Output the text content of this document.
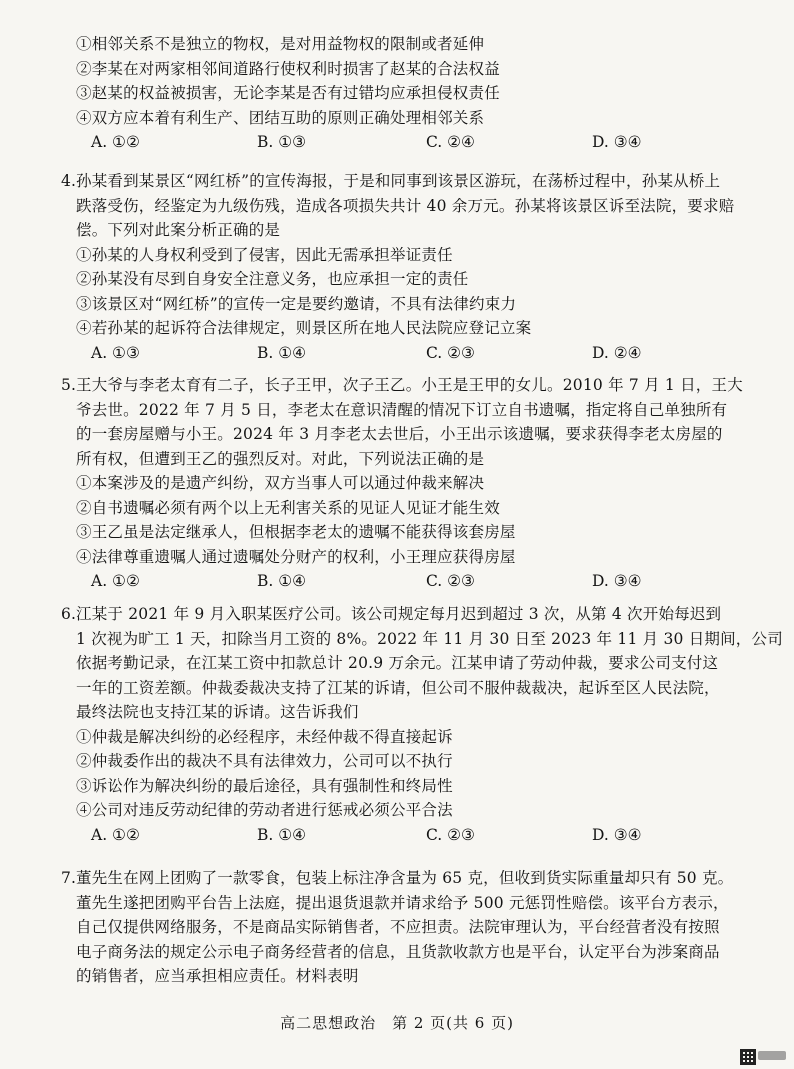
①相邻关系不是独立的物权，是对用益物权的限制或者延伸
②李某在对两家相邻间道路行使权利时损害了赵某的合法权益
③赵某的权益被损害，无论李某是否有过错均应承担侵权责任
④双方应本着有利生产、团结互助的原则正确处理相邻关系
A. ①②	B. ①③	C. ②④	D. ③④
4. 孙某看到某景区“网红桥”的宣传海报，于是和同事到该景区游玩，在荡桥过程中，孙某从桥上
跌落受伤，经鉴定为九级伤残，造成各项损失共计 40 余万元。孙某将该景区诉至法院，要求赔
偿。下列对此案分析正确的是
①孙某的人身权利受到了侵害，因此无需承担举证责任
②孙某没有尽到自身安全注意义务，也应承担一定的责任
③该景区对“网红桥”的宣传一定是要约邀请，不具有法律约束力
④若孙某的起诉符合法律规定，则景区所在地人民法院应登记立案
A. ①③	B. ①④	C. ②③	D. ②④
5. 王大爷与李老太育有二子，长子王甲，次子王乙。小王是王甲的女儿。2010 年 7 月 1 日，王大
爷去世。2022 年 7 月 5 日，李老太在意识清醒的情况下订立自书遗嘱，指定将自己单独所有
的一套房屋赠与小王。2024 年 3 月李老太去世后，小王出示该遗嘱，要求获得李老太房屋的
所有权，但遭到王乙的强烈反对。对此，下列说法正确的是
①本案涉及的是遗产纠纷，双方当事人可以通过仲裁来解决
②自书遗嘱必须有两个以上无利害关系的见证人见证才能生效
③王乙虽是法定继承人，但根据李老太的遗嘱不能获得该套房屋
④法律尊重遗嘱人通过遗嘱处分财产的权利，小王理应获得房屋
A. ①②	B. ①④	C. ②③	D. ③④
6. 江某于 2021 年 9 月入职某医疗公司。该公司规定每月迟到超过 3 次，从第 4 次开始每迟到
1 次视为旷工 1 天，扣除当月工资的 8%。2022 年 11 月 30 日至 2023 年 11 月 30 日期间，公司
依据考勤记录，在江某工资中扣款总计 20.9 万余元。江某申请了劳动仲裁，要求公司支付这
一年的工资差额。仲裁委裁决支持了江某的诉请，但公司不服仲裁裁决，起诉至区人民法院，
最终法院也支持江某的诉请。这告诉我们
①仲裁是解决纠纷的必经程序，未经仲裁不得直接起诉
②仲裁委作出的裁决不具有法律效力，公司可以不执行
③诉讼作为解决纠纷的最后途径，具有强制性和终局性
④公司对违反劳动纪律的劳动者进行惩戒必须公平合法
A. ①②	B. ①④	C. ②③	D. ③④
7. 董先生在网上团购了一款零食，包装上标注净含量为 65 克，但收到货实际重量却只有 50 克。
董先生遂把团购平台告上法庭，提出退货退款并请求给予 500 元惩罚性赔偿。该平台方表示，
自己仅提供网络服务，不是商品实际销售者，不应担责。法院审理认为，平台经营者没有按照
电子商务法的规定公示电子商务经营者的信息，且货款收款方也是平台，认定平台为涉案商品
的销售者，应当承担相应责任。材料表明
高二思想政治　第 2 页(共 6 页)
